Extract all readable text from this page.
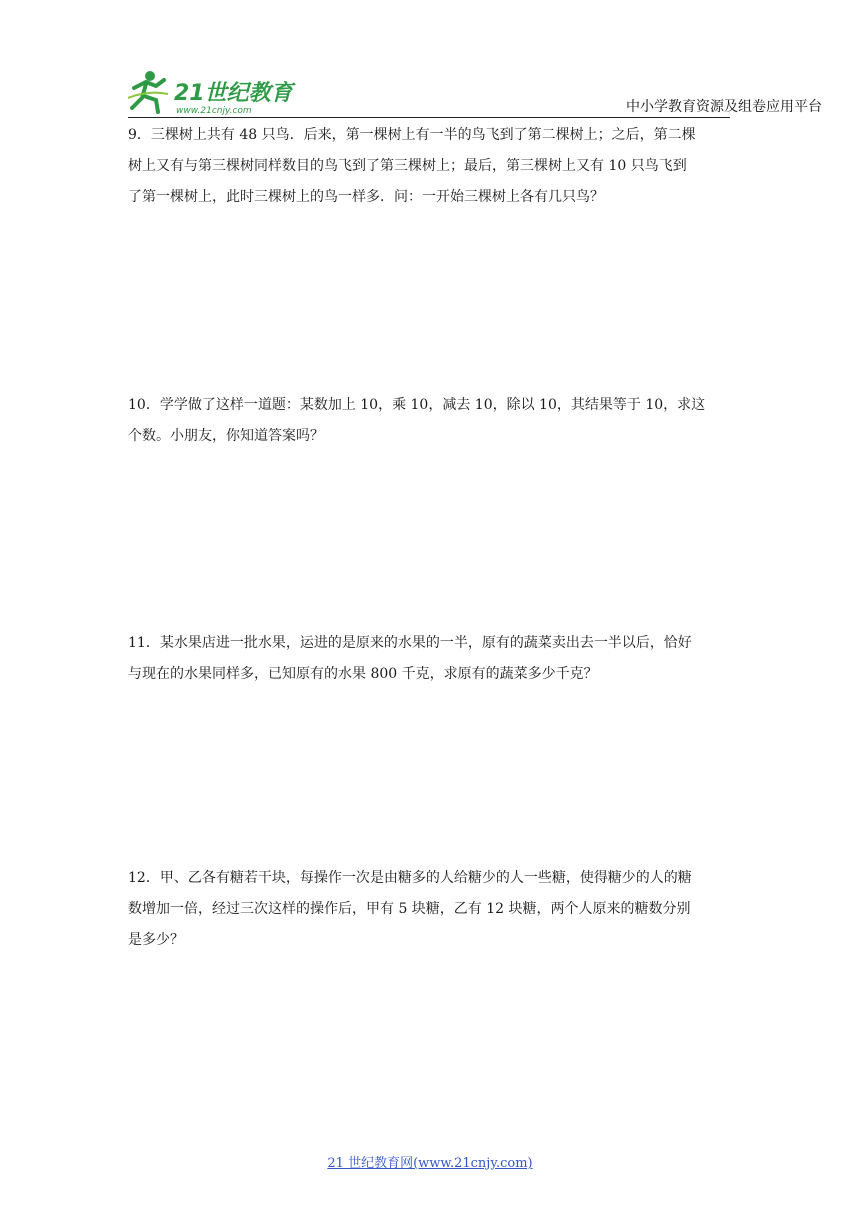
21世纪教育
www.21cnjy.com	中小学教育资源及组卷应用平台
9．三棵树上共有 48 只鸟．后来，第一棵树上有一半的鸟飞到了第二棵树上；之后，第二棵
树上又有与第三棵树同样数目的鸟飞到了第三棵树上；最后，第三棵树上又有 10 只鸟飞到
了第一棵树上，此时三棵树上的鸟一样多．问：一开始三棵树上各有几只鸟？
10．学学做了这样一道题：某数加上 10，乘 10，减去 10，除以 10，其结果等于 10，求这
个数。小朋友，你知道答案吗？
11．某水果店进一批水果，运进的是原来的水果的一半，原有的蔬菜卖出去一半以后，恰好
与现在的水果同样多，已知原有的水果 800 千克，求原有的蔬菜多少千克？
12．甲、乙各有糖若干块，每操作一次是由糖多的人给糖少的人一些糖，使得糖少的人的糖
数增加一倍，经过三次这样的操作后，甲有 5 块糖，乙有 12 块糖，两个人原来的糖数分别
是多少？
21 世纪教育网(www.21cnjy.com)
